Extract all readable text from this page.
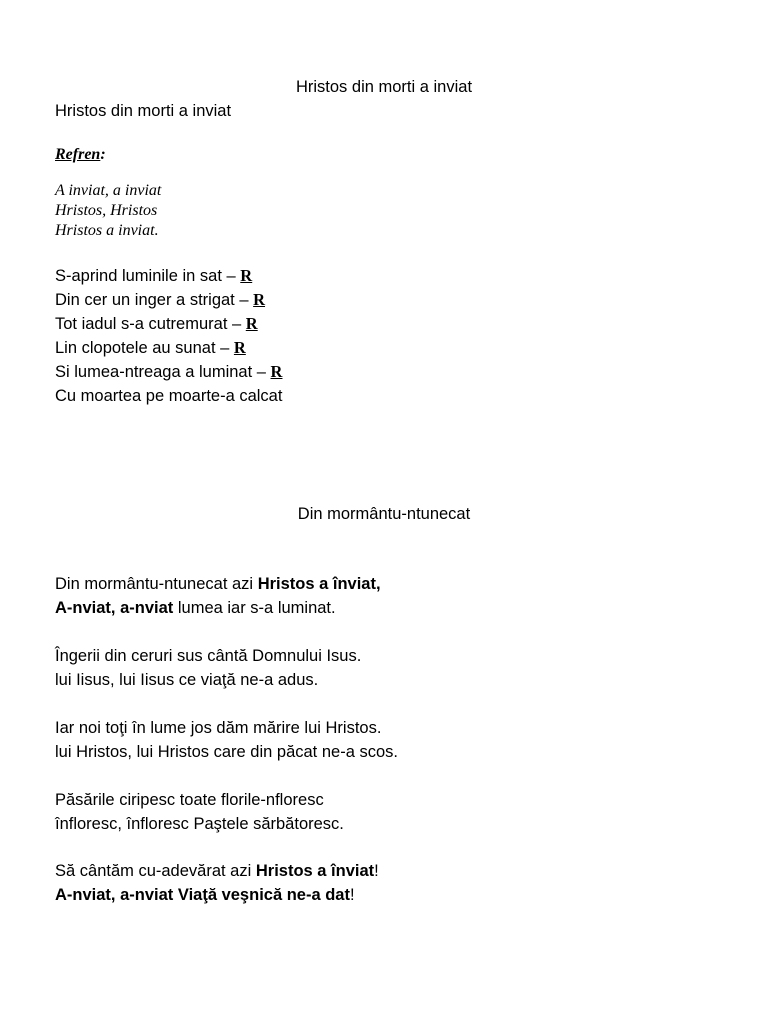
Hristos din morti a inviat
Hristos din morti a inviat
Refren:
A inviat, a inviat
Hristos, Hristos
Hristos a inviat.
S-aprind luminile in sat – R
Din cer un inger a strigat – R
Tot iadul s-a cutremurat – R
Lin clopotele au sunat – R
Si lumea-ntreaga a luminat – R
Cu moartea pe moarte-a calcat
Din mormântu-ntunecat
Din mormântu-ntunecat azi Hristos a înviat,
A-nviat, a-nviat lumea iar s-a luminat.
Îngerii din ceruri sus cântă Domnului Isus.
lui Iisus, lui Iisus ce viaţă ne-a adus.
Iar noi toţi în lume jos dăm mărire lui Hristos.
lui Hristos, lui Hristos care din păcat ne-a scos.
Păsările ciripesc toate florile-nfloresc
înfloresc, înfloresc Paştele sărbătoresc.
Să cântăm cu-adevărat azi Hristos a înviat!
A-nviat, a-nviat Viaţă veşnică ne-a dat!
